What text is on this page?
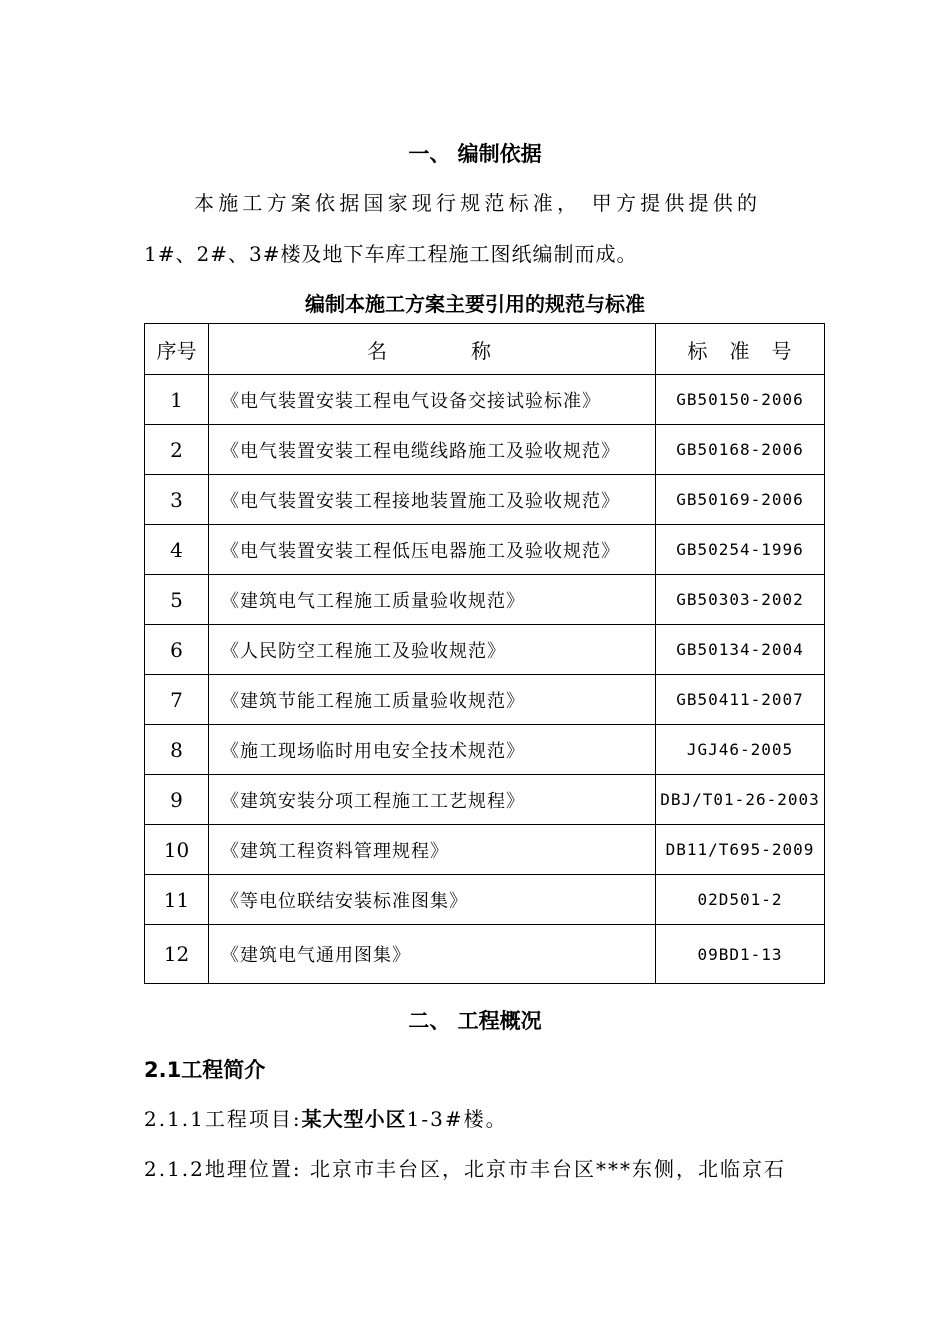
一、 编制依据
本施工方案依据国家现行规范标准， 甲方提供提供的
1#、2#、3#楼及地下车库工程施工图纸编制而成。
编制本施工方案主要引用的规范与标准
序号	名　　　称	标　准　号
1	《电气装置安装工程电气设备交接试验标准》	GB50150-2006
2	《电气装置安装工程电缆线路施工及验收规范》	GB50168-2006
3	《电气装置安装工程接地装置施工及验收规范》	GB50169-2006
4	《电气装置安装工程低压电器施工及验收规范》	GB50254-1996
5	《建筑电气工程施工质量验收规范》	GB50303-2002
6	《人民防空工程施工及验收规范》	GB50134-2004
7	《建筑节能工程施工质量验收规范》	GB50411-2007
8	《施工现场临时用电安全技术规范》	JGJ46-2005
9	《建筑安装分项工程施工工艺规程》	DBJ/T01-26-2003
10	《建筑工程资料管理规程》	DB11/T695-2009
11	《等电位联结安装标准图集》	02D501-2
12	《建筑电气通用图集》	09BD1-13
二、 工程概况
2.1工程简介
2.1.1工程项目:某大型小区1-3#楼。
2.1.2地理位置: 北京市丰台区，北京市丰台区***东侧，北临京石
